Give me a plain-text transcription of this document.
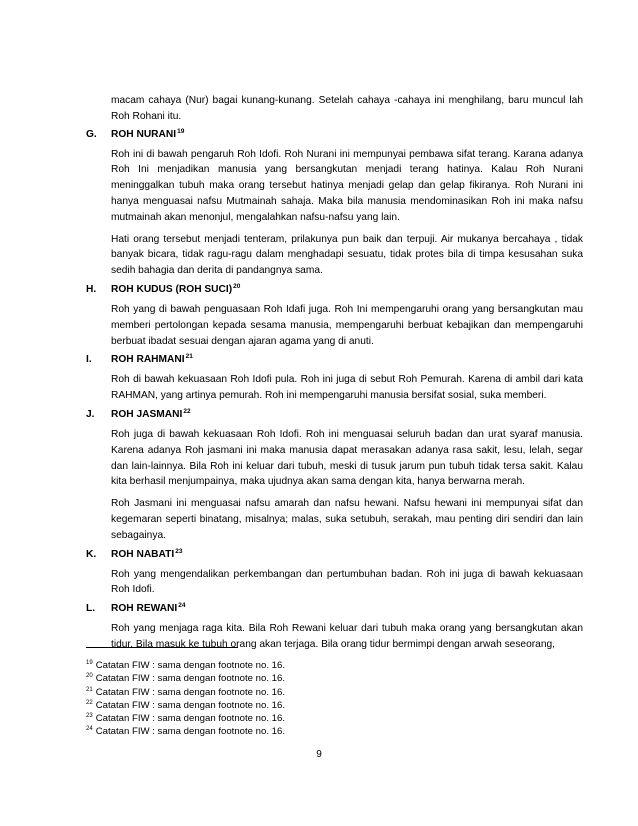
macam cahaya (Nur) bagai kunang-kunang. Setelah cahaya -cahaya ini menghilang, baru muncul lah Roh Rohani itu.

G.	ROH NURANI$^{19}$

Roh ini di bawah pengaruh Roh Idofi. Roh Nurani ini mempunyai pembawa sifat terang. Karana adanya Roh Ini menjadikan manusia yang bersangkutan menjadi terang hatinya. Kalau Roh Nurani meninggalkan tubuh maka orang tersebut hatinya menjadi gelap dan gelap fikiranya. Roh Nurani ini hanya menguasai nafsu Mutmainah sahaja. Maka bila manusia mendominasikan Roh ini maka nafsu mutmainah akan menonjul, mengalahkan nafsu-nafsu yang lain.

Hati orang tersebut menjadi tenteram, prilakunya pun baik dan terpuji. Air mukanya bercahaya , tidak banyak bicara, tidak ragu-ragu dalam menghadapi sesuatu, tidak protes bila di timpa kesusahan suka sedih bahagia dan derita di pandangnya sama.

H.	ROH KUDUS (ROH SUCI)$^{20}$

Roh yang di bawah penguasaan Roh Idafi juga. Roh Ini mempengaruhi orang yang bersangkutan mau memberi pertolongan kepada sesama manusia, mempengaruhi berbuat kebajikan dan mempengaruhi berbuat ibadat sesuai dengan ajaran agama yang di anuti.

I.	ROH RAHMANI$^{21}$

Roh di bawah kekuasaan Roh Idofi pula. Roh ini juga di sebut Roh Pemurah. Karena di ambil dari kata RAHMAN, yang artinya pemurah. Roh ini mempengaruhi manusia bersifat sosial, suka memberi.

J.	ROH JASMANI$^{22}$

Roh juga di bawah kekuasaan Roh Idofi. Roh ini menguasai seluruh badan dan urat syaraf manusia. Karena adanya Roh jasmani ini maka manusia dapat merasakan adanya rasa sakit, lesu, lelah, segar dan lain-lainnya. Bila Roh ini keluar dari tubuh, meski di tusuk jarum pun tubuh tidak tersa sakit. Kalau kita berhasil menjumpainya, maka ujudnya akan sama dengan kita, hanya berwarna merah.

Roh Jasmani ini menguasai nafsu amarah dan nafsu hewani. Nafsu hewani ini mempunyai sifat dan kegemaran seperti binatang, misalnya; malas, suka setubuh, serakah, mau penting diri sendiri dan lain sebagainya.

K.	ROH NABATI$^{23}$

Roh yang mengendalikan perkembangan dan pertumbuhan badan. Roh ini juga di bawah kekuasaan Roh Idofi.

L.	ROH REWANI$^{24}$

Roh yang menjaga raga kita. Bila Roh Rewani keluar dari tubuh maka orang yang bersangkutan akan tidur. Bila masuk ke tubuh orang akan terjaga. Bila orang tidur bermimpi dengan arwah seseorang,

$^{19}$ Catatan FIW : sama dengan footnote no. 16.
$^{20}$ Catatan FIW : sama dengan footnote no. 16.
$^{21}$ Catatan FIW : sama dengan footnote no. 16.
$^{22}$ Catatan FIW : sama dengan footnote no. 16.
$^{23}$ Catatan FIW : sama dengan footnote no. 16.
$^{24}$ Catatan FIW : sama dengan footnote no. 16.
9
